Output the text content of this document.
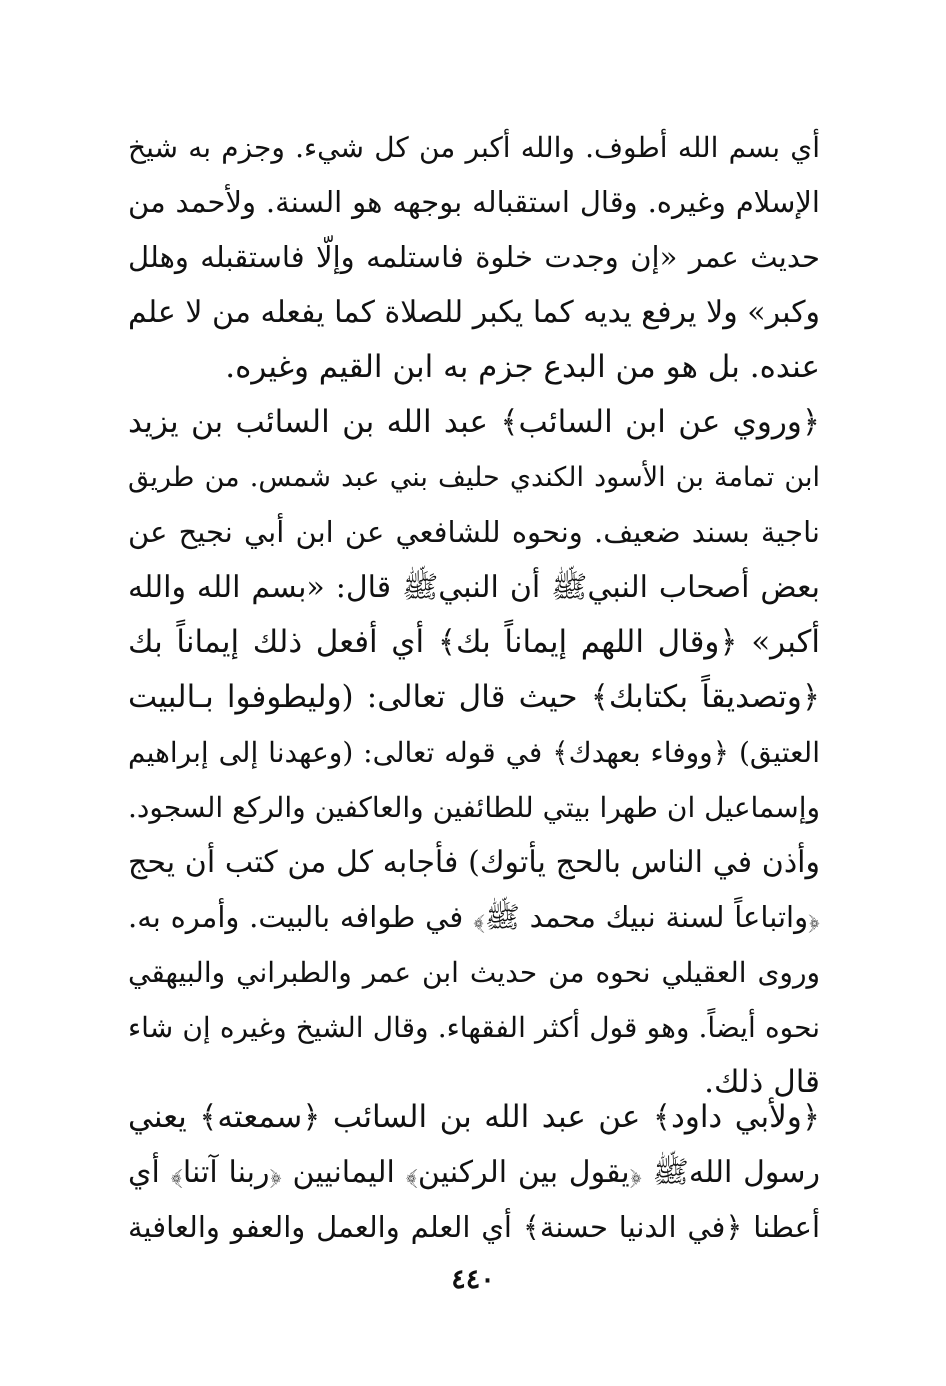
أي بسم الله أطوف. والله أكبر من كل شيء. وجزم به شيخ
الإسلام وغيره. وقال استقباله بوجهه هو السنة. ولأحمد من
حديث عمر «إن وجدت خلوة فاستلمه وإلّا فاستقبله وهلل
وكبر» ولا يرفع يديه كما يكبر للصلاة كما يفعله من لا علم
عنده. بل هو من البدع جزم به ابن القيم وغيره.
﴿وروي عن ابن السائب﴾ عبد الله بن السائب بن يزيد
ابن تمامة بن الأسود الكندي حليف بني عبد شمس. من طريق
ناجية بسند ضعيف. ونحوه للشافعي عن ابن أبي نجيح عن
بعض أصحاب النبيﷺ أن النبيﷺ قال: «بسم الله والله
أكبر» ﴿وقال اللهم إيماناً بك﴾ أي أفعل ذلك إيماناً بك
﴿وتصديقاً بكتابك﴾ حيث قال تعالى: (وليطوفوا بـالبيت
العتيق) ﴿ووفاء بعهدك﴾ في قوله تعالى: (وعهدنا إلى إبراهيم
وإسماعيل ان طهرا بيتي للطائفين والعاكفين والركع السجود.
وأذن في الناس بالحج يأتوك) فأجابه كل من كتب أن يحج
﴿واتباعاً لسنة نبيك محمد ﷺ﴾ في طوافه بالبيت. وأمره به.
وروى العقيلي نحوه من حديث ابن عمر والطبراني والبيهقي
نحوه أيضاً. وهو قول أكثر الفقهاء. وقال الشيخ وغيره إن شاء
قال ذلك.
﴿ولأبي داود﴾ عن عبد الله بن السائب ﴿سمعته﴾ يعني
رسول اللهﷺ ﴿يقول بين الركنين﴾ اليمانيين ﴿ربنا آتنا﴾ أي
أعطنا ﴿في الدنيا حسنة﴾ أي العلم والعمل والعفو والعافية
٤٤٠
